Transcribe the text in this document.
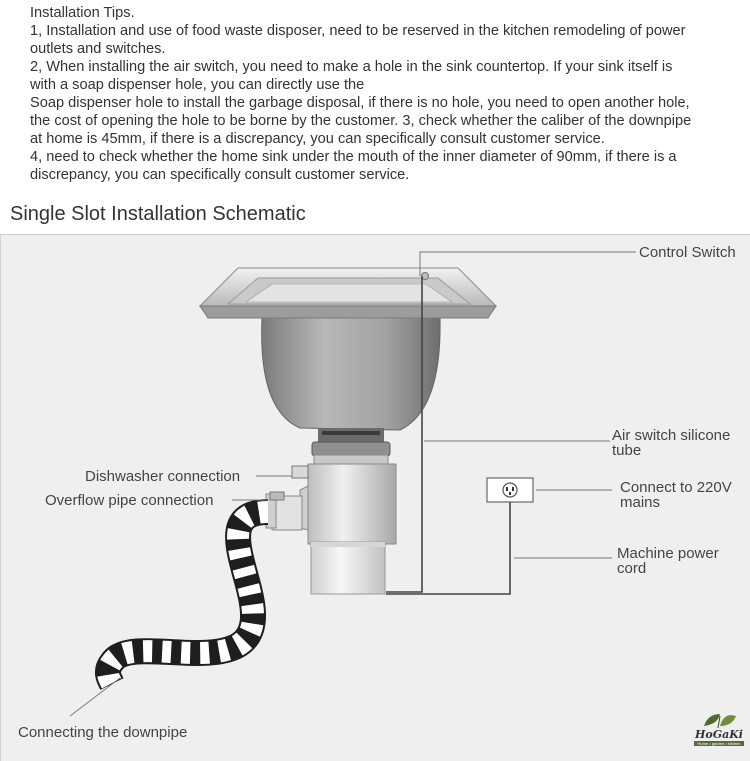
Installation Tips.
1, Installation and use of food waste disposer, need to be reserved in the kitchen remodeling of power
outlets and switches.
2, When installing the air switch, you need to make a hole in the sink countertop. If your sink itself is
with a soap dispenser hole, you can directly use the
Soap dispenser hole to install the garbage disposal, if there is no hole, you need to open another hole,
the cost of opening the hole to be borne by the customer. 3, check whether the caliber of the downpipe
at home is 45mm, if there is a discrepancy, you can specifically consult customer service.
4, need to check whether the home sink under the mouth of the inner diameter of 90mm, if there is a
discrepancy, you can specifically consult customer service.
Single Slot Installation Schematic
Control Switch
Air switch silicone
tube
Dishwasher connection
Overflow pipe connection
Connect to 220V
mains
Machine power
cord
Connecting the downpipe	HoGaKi
Home • garden • kitchen
